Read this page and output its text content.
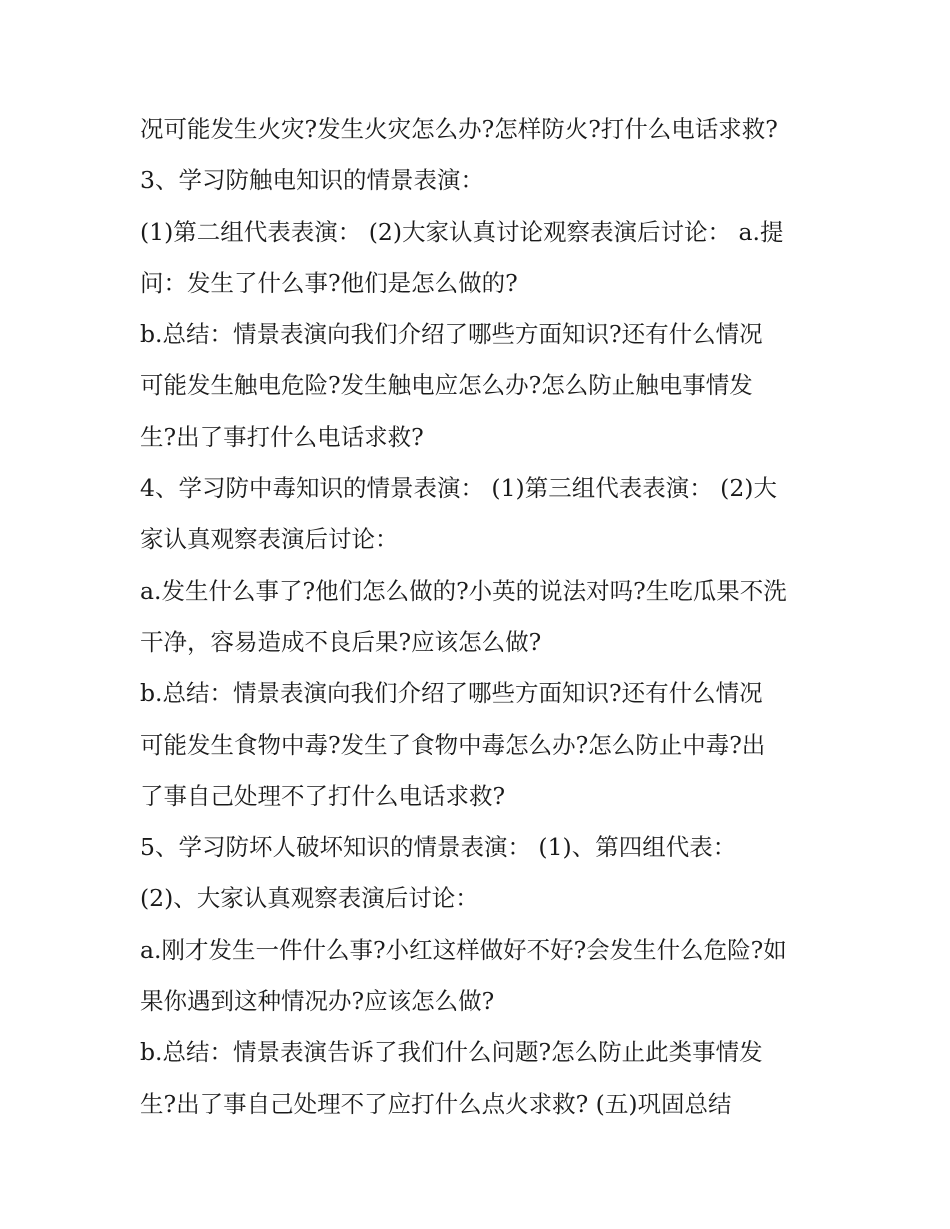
况可能发生火灾?发生火灾怎么办?怎样防火?打什么电话求救?
3、学习防触电知识的情景表演：
(1)第二组代表表演： (2)大家认真讨论观察表演后讨论： a.提
问：发生了什么事?他们是怎么做的?
b.总结：情景表演向我们介绍了哪些方面知识?还有什么情况
可能发生触电危险?发生触电应怎么办?怎么防止触电事情发
生?出了事打什么电话求救?
4、学习防中毒知识的情景表演： (1)第三组代表表演： (2)大
家认真观察表演后讨论：
a.发生什么事了?他们怎么做的?小英的说法对吗?生吃瓜果不洗
干净，容易造成不良后果?应该怎么做?
b.总结：情景表演向我们介绍了哪些方面知识?还有什么情况
可能发生食物中毒?发生了食物中毒怎么办?怎么防止中毒?出
了事自己处理不了打什么电话求救?
5、学习防坏人破坏知识的情景表演： (1)、第四组代表：
(2)、大家认真观察表演后讨论：
a.刚才发生一件什么事?小红这样做好不好?会发生什么危险?如
果你遇到这种情况办?应该怎么做?
b.总结：情景表演告诉了我们什么问题?怎么防止此类事情发
生?出了事自己处理不了应打什么点火求救? (五)巩固总结
